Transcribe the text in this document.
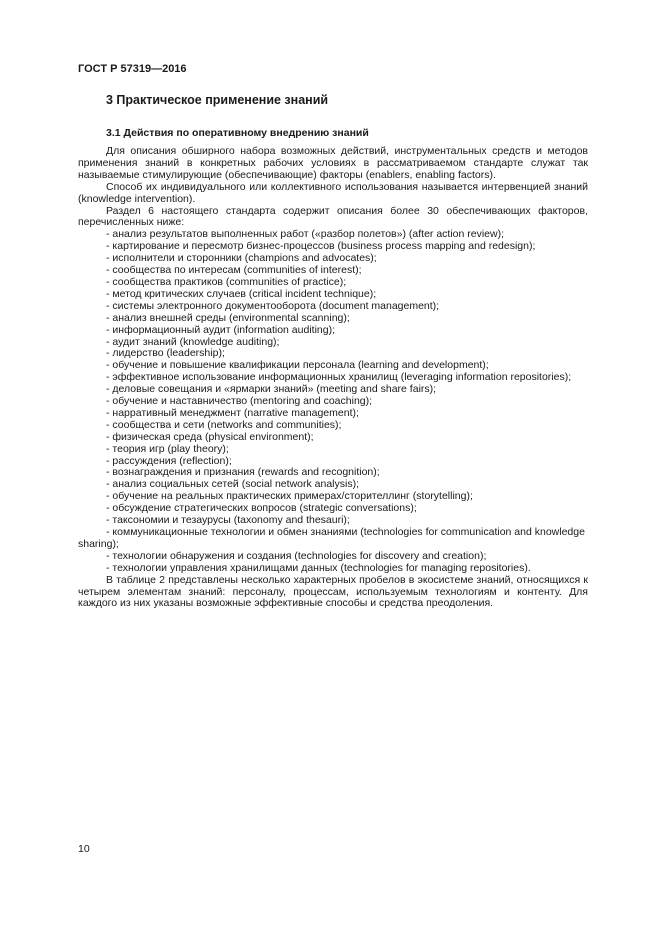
ГОСТ Р 57319—2016
3 Практическое применение знаний
3.1 Действия по оперативному внедрению знаний

Для описания обширного набора возможных действий, инструментальных средств и методов применения знаний в конкретных рабочих условиях в рассматриваемом стандарте служат так называемые стимулирующие (обеспечивающие) факторы (enablers, enabling factors).

Способ их индивидуального или коллективного использования называется интервенцией знаний (knowledge intervention).

Раздел 6 настоящего стандарта содержит описания более 30 обеспечивающих факторов, перечисленных ниже:

- анализ результатов выполненных работ («разбор полетов») (after action review);
- картирование и пересмотр бизнес-процессов (business process mapping and redesign);
- исполнители и сторонники (champions and advocates);
- сообщества по интересам (communities of interest);
- сообщества практиков (communities of practice);
- метод критических случаев (critical incident technique);
- системы электронного документооборота (document management);
- анализ внешней среды (environmental scanning);
- информационный аудит (information auditing);
- аудит знаний (knowledge auditing);
- лидерство (leadership);
- обучение и повышение квалификации персонала (learning and development);
- эффективное использование информационных хранилищ (leveraging information repositories);
- деловые совещания и «ярмарки знаний» (meeting and share fairs);
- обучение и наставничество (mentoring and coaching);
- нарративный менеджмент (narrative management);
- сообщества и сети (networks and communities);
- физическая среда (physical environment);
- теория игр (play theory);
- рассуждения (reflection);
- вознаграждения и признания (rewards and recognition);
- анализ социальных сетей (social network analysis);
- обучение на реальных практических примерах/сторителлинг (storytelling);
- обсуждение стратегических вопросов (strategic conversations);
- таксономии и тезаурусы (taxonomy and thesauri);
- коммуникационные технологии и обмен знаниями (technologies for communication and knowledge sharing);
- технологии обнаружения и создания (technologies for discovery and creation);
- технологии управления хранилищами данных (technologies for managing repositories).

В таблице 2 представлены несколько характерных пробелов в экосистеме знаний, относящихся к четырем элементам знаний: персоналу, процессам, используемым технологиям и контенту. Для каждого из них указаны возможные эффективные способы и средства преодоления.

10
